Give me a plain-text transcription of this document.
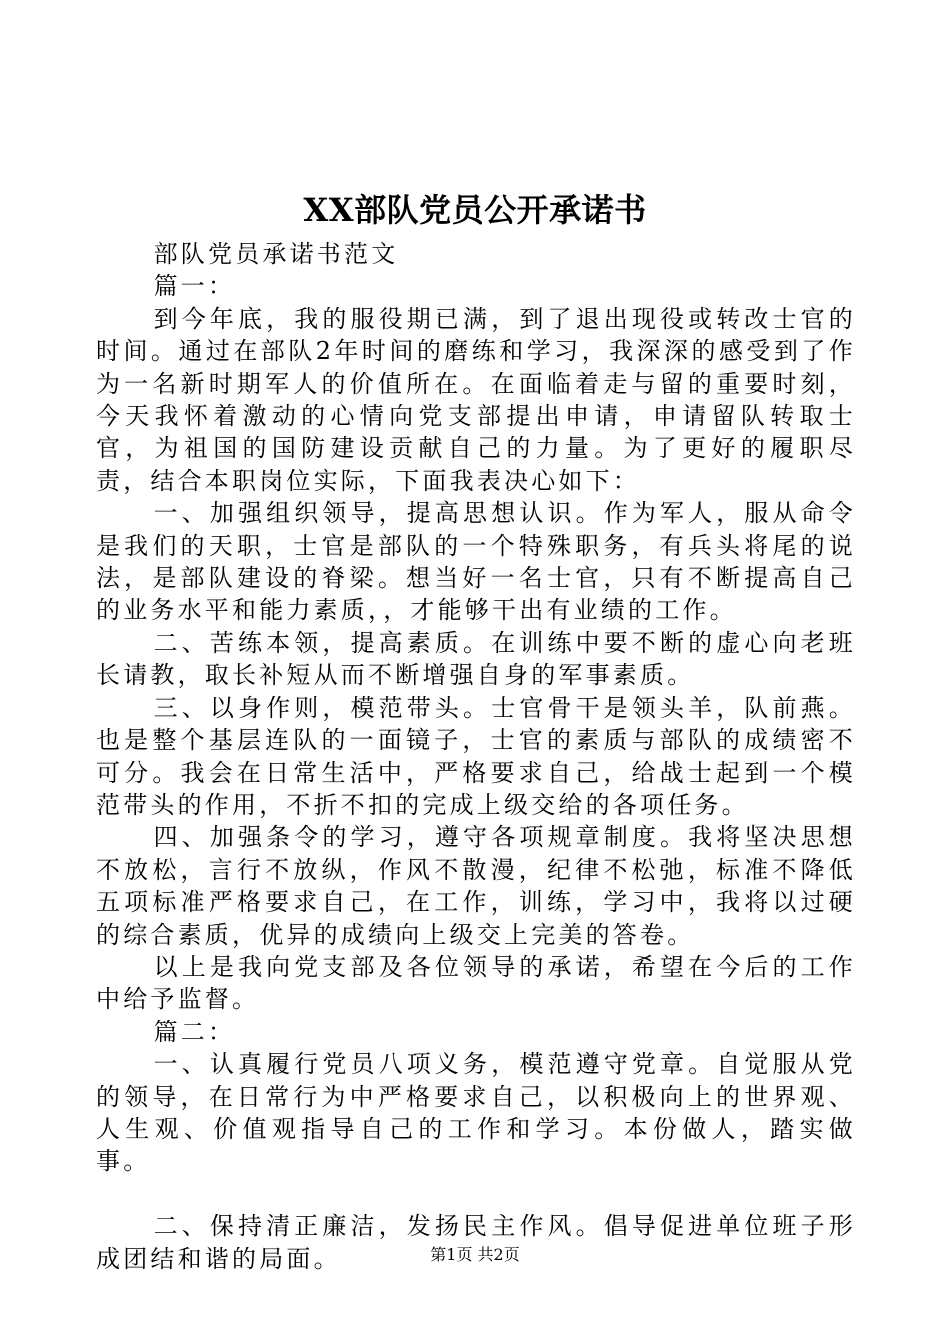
XX部队党员公开承诺书

部队党员承诺书范文

篇一：

到今年底，我的服役期已满，到了退出现役或转改士官的时间。通过在部队2年时间的磨练和学习，我深深的感受到了作为一名新时期军人的价值所在。在面临着走与留的重要时刻，今天我怀着激动的心情向党支部提出申请，申请留队转取士官，为祖国的国防建设贡献自己的力量。为了更好的履职尽责，结合本职岗位实际，下面我表决心如下：

一、加强组织领导，提高思想认识。作为军人，服从命令是我们的天职，士官是部队的一个特殊职务，有兵头将尾的说法，是部队建设的脊梁。想当好一名士官，只有不断提高自己的业务水平和能力素质，，才能够干出有业绩的工作。

二、苦练本领，提高素质。在训练中要不断的虚心向老班长请教，取长补短从而不断增强自身的军事素质。

三、以身作则，模范带头。士官骨干是领头羊，队前燕。也是整个基层连队的一面镜子，士官的素质与部队的成绩密不可分。我会在日常生活中，严格要求自己，给战士起到一个模范带头的作用，不折不扣的完成上级交给的各项任务。

四、加强条令的学习，遵守各项规章制度。我将坚决思想不放松，言行不放纵，作风不散漫，纪律不松弛，标准不降低五项标准严格要求自己，在工作，训练，学习中，我将以过硬的综合素质，优异的成绩向上级交上完美的答卷。

以上是我向党支部及各位领导的承诺，希望在今后的工作中给予监督。

篇二：

一、认真履行党员八项义务，模范遵守党章。自觉服从党的领导，在日常行为中严格要求自己，以积极向上的世界观、人生观、价值观指导自己的工作和学习。本份做人，踏实做事。

二、保持清正廉洁，发扬民主作风。倡导促进单位班子形成团结和谐的局面。	第1页 共2页
